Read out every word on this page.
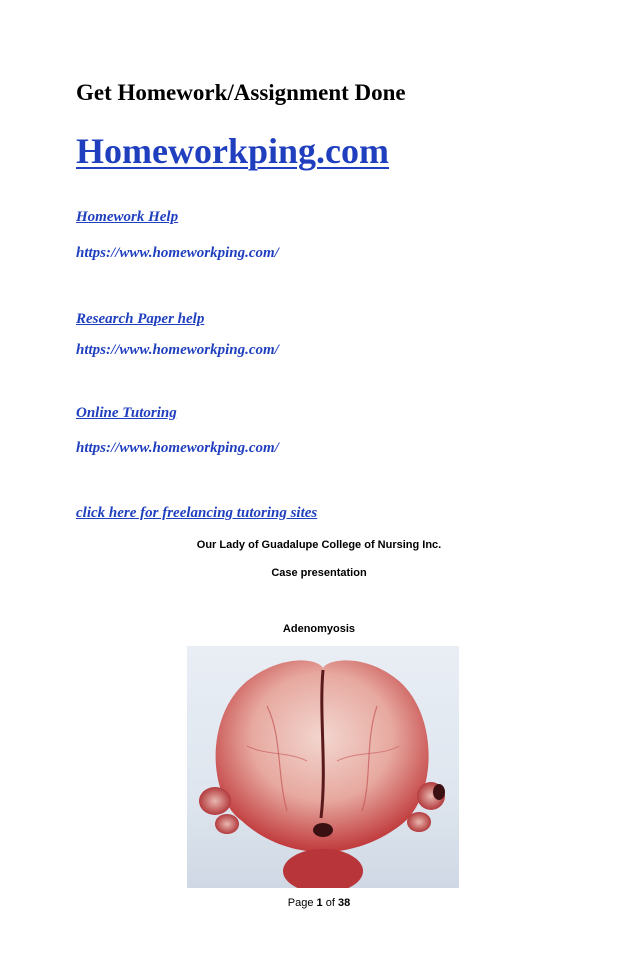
Get Homework/Assignment Done
Homeworkping.com
Homework Help
https://www.homeworkping.com/
Research Paper help
https://www.homeworkping.com/
Online Tutoring
https://www.homeworkping.com/
click here for freelancing tutoring sites
Our Lady of Guadalupe College of Nursing Inc.
Case presentation
Adenomyosis
Page 1 of 38
